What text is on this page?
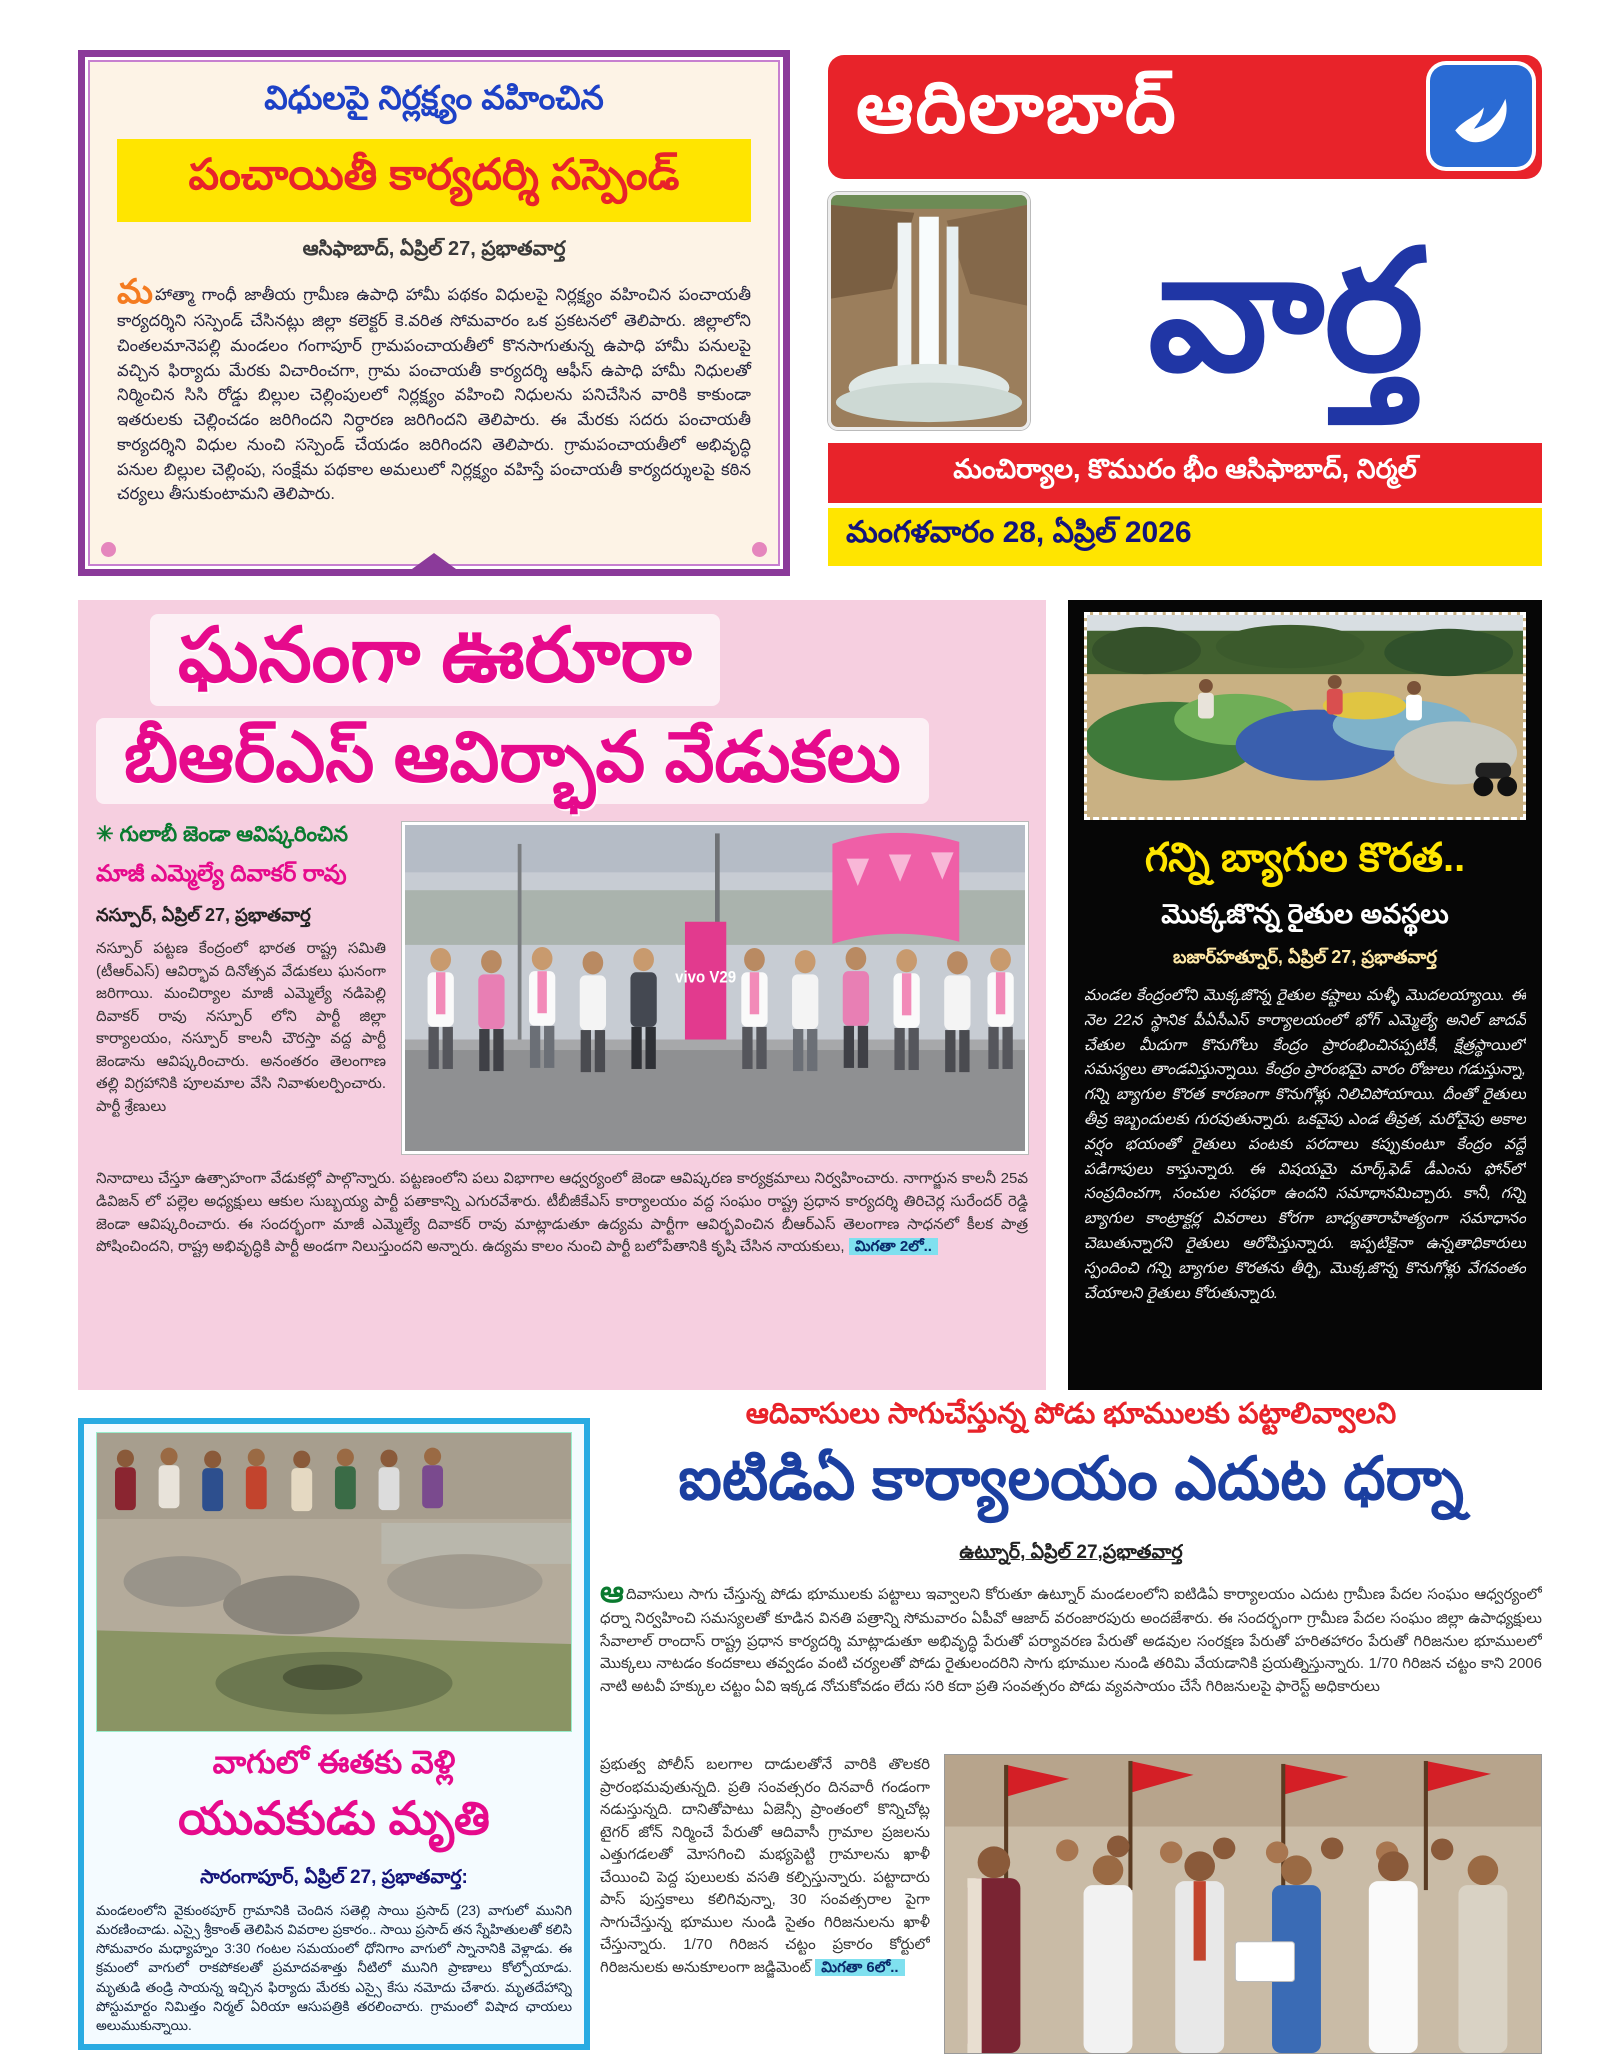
విధులపై నిర్లక్ష్యం వహించిన
పంచాయితీ కార్యదర్శి సస్పెండ్
ఆసిఫాబాద్, ఏప్రిల్ 27, ప్రభాతవార్త

మహాత్మా గాంధీ జాతీయ గ్రామీణ ఉపాధి హామీ పథకం విధులపై నిర్లక్ష్యం వహించిన పంచాయతీ కార్యదర్శిని సస్పెండ్ చేసినట్లు జిల్లా కలెక్టర్ కె.వరిత సోమవారం ఒక ప్రకటనలో తెలిపారు. జిల్లాలోని చింతలమానెపల్లి మండలం గంగాపూర్ గ్రామపంచాయతీలో కొనసాగుతున్న ఉపాధి హామీ పనులపై వచ్చిన ఫిర్యాదు మేరకు విచారించగా, గ్రామ పంచాయతీ కార్యదర్శి ఆఫీస్ ఉపాధి హామీ నిధులతో నిర్మించిన సిసి రోడ్డు బిల్లుల చెల్లింపులలో నిర్లక్ష్యం వహించి నిధులను పనిచేసిన వారికి కాకుండా ఇతరులకు చెల్లించడం జరిగిందని నిర్ధారణ జరిగిందని తెలిపారు. ఈ మేరకు సదరు పంచాయతీ కార్యదర్శిని విధుల నుంచి సస్పెండ్ చేయడం జరిగిందని తెలిపారు. గ్రామపంచాయతీలో అభివృద్ధి పనుల బిల్లుల చెల్లింపు, సంక్షేమ పథకాల అమలులో నిర్లక్ష్యం వహిస్తే పంచాయతీ కార్యదర్శులపై కఠిన చర్యలు తీసుకుంటామని తెలిపారు.

ఆదిలాబాద్
వార్త
మంచిర్యాల, కొమురం భీం ఆసిఫాబాద్, నిర్మల్
మంగళవారం 28, ఏప్రిల్ 2026
ఘనంగా ఊరూరా
బీఆర్ఎస్ ఆవిర్భావ వేడుకలు
✳ గులాబీ జెండా ఆవిష్కరించిన
మాజీ ఎమ్మెల్యే దివాకర్ రావు
నస్పూర్, ఏప్రిల్ 27, ప్రభాతవార్త

నస్పూర్ పట్టణ కేంద్రంలో భారత రాష్ట్ర సమితి (టీఆర్ఎస్) ఆవిర్భావ దినోత్సవ వేడుకలు ఘనంగా జరిగాయి. మంచిర్యాల మాజీ ఎమ్మెల్యే నడిపెల్లి దివాకర్ రావు నస్పూర్ లోని పార్టీ జిల్లా కార్యాలయం, నస్పూర్ కాలనీ చౌరస్తా వద్ద పార్టీ జెండాను ఆవిష్కరించారు. అనంతరం తెలంగాణ తల్లి విగ్రహానికి పూలమాల వేసి నివాళులర్పించారు. పార్టీ శ్రేణులు

vivo V29

నినాదాలు చేస్తూ ఉత్సాహంగా వేడుకల్లో పాల్గొన్నారు. పట్టణంలోని పలు విభాగాల ఆధ్వర్యంలో జెండా ఆవిష్కరణ కార్యక్రమాలు నిర్వహించారు. నాగార్జున కాలనీ 25వ డివిజన్ లో పల్లెల అధ్యక్షులు ఆకుల సుబ్బయ్య పార్టీ పతాకాన్ని ఎగురవేశారు. టీబీజీకేఎస్ కార్యాలయం వద్ద సంఘం రాష్ట్ర ప్రధాన కార్యదర్శి తిరిచెర్ల సురేందర్ రెడ్డి జెండా ఆవిష్కరించారు. ఈ సందర్భంగా మాజీ ఎమ్మెల్యే దివాకర్ రావు మాట్లాడుతూ ఉద్యమ పార్టీగా ఆవిర్భవించిన బీఆర్ఎస్ తెలంగాణ సాధనలో కీలక పాత్ర పోషించిందని, రాష్ట్ర అభివృద్ధికి పార్టీ అండగా నిలుస్తుందని అన్నారు. ఉద్యమ కాలం నుంచి పార్టీ బలోపేతానికి కృషి చేసిన నాయకులు, మిగతా 2లో..

గన్ని బ్యాగుల కొరత..
మొక్కజొన్న రైతుల అవస్థలు
బజార్‌హత్నూర్, ఏప్రిల్ 27, ప్రభాతవార్త

మండల కేంద్రంలోని మొక్కజొన్న రైతుల కష్టాలు మళ్ళీ మొదలయ్యాయి. ఈ నెల 22న స్థానిక పీఏసీఎస్ కార్యాలయంలో భోగ్ ఎమ్మెల్యే అనిల్ జాదవ్ చేతుల మీదుగా కొనుగోలు కేంద్రం ప్రారంభించినప్పటికీ, క్షేత్రస్థాయిలో సమస్యలు తాండవిస్తున్నాయి. కేంద్రం ప్రారంభమై వారం రోజులు గడుస్తున్నా, గన్ని బ్యాగుల కొరత కారణంగా కొనుగోళ్లు నిలిచిపోయాయి. దీంతో రైతులు తీవ్ర ఇబ్బందులకు గురవుతున్నారు. ఒకవైపు ఎండ తీవ్రత, మరోవైపు అకాల వర్షం భయంతో రైతులు పంటకు పరదాలు కప్పుకుంటూ కేంద్రం వద్దే పడిగాపులు కాస్తున్నారు. ఈ విషయమై మార్క్‌ఫెడ్ డీఎంను ఫోన్‌లో సంప్రదించగా, సంచుల సరఫరా ఉందని సమాధానమిచ్చారు. కానీ, గన్ని బ్యాగుల కాంట్రాక్టర్ల వివరాలు కోరగా బాధ్యతారాహిత్యంగా సమాధానం చెబుతున్నారని రైతులు ఆరోపిస్తున్నారు. ఇప్పటికైనా ఉన్నతాధికారులు స్పందించి గన్ని బ్యాగుల కొరతను తీర్చి, మొక్కజొన్న కొనుగోళ్లు వేగవంతం చేయాలని రైతులు కోరుతున్నారు.

వాగులో ఈతకు వెళ్లి
యువకుడు మృతి
సారంగాపూర్, ఏప్రిల్ 27, ప్రభాతవార్త:

మండలంలోని వైకుంఠపూర్ గ్రామానికి చెందిన సతెల్లి సాయి ప్రసాద్ (23) వాగులో మునిగి మరణించాడు. ఎస్సై శ్రీకాంత్ తెలిపిన వివరాల ప్రకారం.. సాయి ప్రసాద్ తన స్నేహితులతో కలిసి సోమవారం మధ్యాహ్నం 3:30 గంటల సమయంలో ధోనిగాం వాగులో స్నానానికి వెళ్లాడు. ఈ క్రమంలో వాగులో రాకపోకలతో ప్రమాదవశాత్తు నీటిలో మునిగి ప్రాణాలు కోల్పోయాడు. మృతుడి తండ్రి సాయన్న ఇచ్చిన ఫిర్యాదు మేరకు ఎస్సై కేసు నమోదు చేశారు. మృతదేహాన్ని పోస్టుమార్టం నిమిత్తం నిర్మల్ ఏరియా ఆసుపత్రికి తరలించారు. గ్రామంలో విషాద ఛాయలు అలుముకున్నాయి.

ఆదివాసులు సాగుచేస్తున్న పోడు భూములకు పట్టాలివ్వాలని
ఐటిడిఏ కార్యాలయం ఎదుట ధర్నా
ఉట్నూర్, ఏప్రిల్ 27,ప్రభాతవార్త

ఆదివాసులు సాగు చేస్తున్న పోడు భూములకు పట్టాలు ఇవ్వాలని కోరుతూ ఉట్నూర్ మండలంలోని ఐటిడిఏ కార్యాలయం ఎదుట గ్రామీణ పేదల సంఘం ఆధ్వర్యంలో ధర్నా నిర్వహించి సమస్యలతో కూడిన వినతి పత్రాన్ని సోమవారం ఏపీవో ఆజాద్ వరంజారపురు అందజేశారు. ఈ సందర్భంగా గ్రామీణ పేదల సంఘం జిల్లా ఉపాధ్యక్షులు సేవాలాల్ రాందాస్ రాష్ట్ర ప్రధాన కార్యదర్శి మాట్లాడుతూ అభివృద్ధి పేరుతో పర్యావరణ పేరుతో అడవుల సంరక్షణ పేరుతో హరితహారం పేరుతో గిరిజనుల భూములలో మొక్కలు నాటడం కందకాలు తవ్వడం వంటి చర్యలతో పోడు రైతులందరిని సాగు భూముల నుండి తరిమి వేయడానికి ప్రయత్నిస్తున్నారు. 1/70 గిరిజన చట్టం కాని 2006 నాటి అటవీ హక్కుల చట్టం ఏవి ఇక్కడ నోచుకోవడం లేదు సరి కదా ప్రతి సంవత్సరం పోడు వ్యవసాయం చేసే గిరిజనులపై ఫారెస్ట్ అధికారులు

ప్రభుత్వ పోలీస్ బలగాల దాడులతోనే వారికి తొలకరి ప్రారంభమవుతున్నది. ప్రతి సంవత్సరం దినవారీ గండంగా నడుస్తున్నది. దానితోపాటు ఏజెన్సీ ప్రాంతంలో కొన్నిచోట్ల టైగర్ జోన్ నిర్మించే పేరుతో ఆదివాసీ గ్రామాల ప్రజలను ఎత్తుగడలతో మోసగించి మభ్యపెట్టి గ్రామాలను ఖాళీ చేయించి పెద్ద పులులకు వసతి కల్పిస్తున్నారు. పట్టాదారు పాస్ పుస్తకాలు కలిగివున్నా, 30 సంవత్సరాల పైగా సాగుచేస్తున్న భూముల నుండి సైతం గిరిజనులను ఖాళీ చేస్తున్నారు. 1/70 గిరిజన చట్టం ప్రకారం కోర్టులో గిరిజనులకు అనుకూలంగా జడ్జిమెంట్ మిగతా 6లో..
